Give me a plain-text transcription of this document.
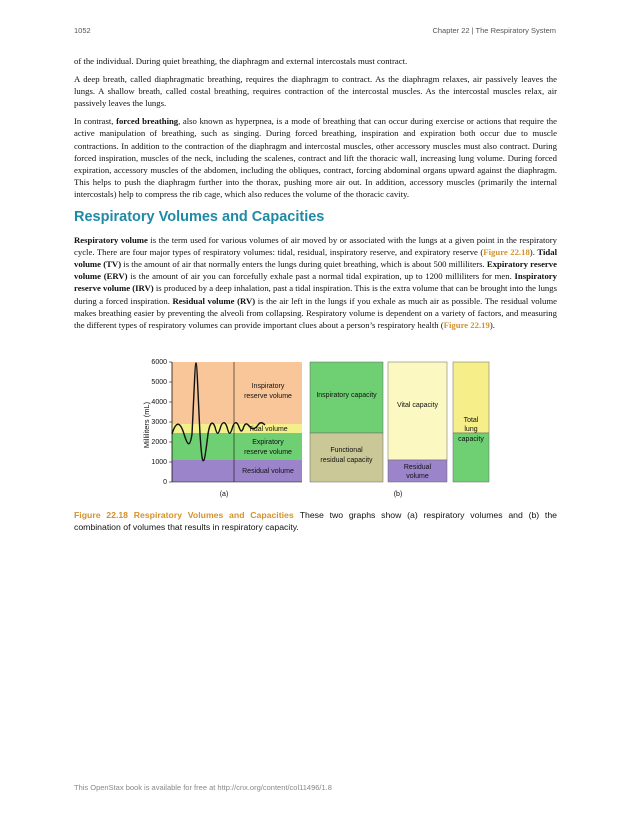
1052	Chapter 22 | The Respiratory System

of the individual. During quiet breathing, the diaphragm and external intercostals must contract.

A deep breath, called diaphragmatic breathing, requires the diaphragm to contract. As the diaphragm relaxes, air passively leaves the lungs. A shallow breath, called costal breathing, requires contraction of the intercostal muscles. As the intercostal muscles relax, air passively leaves the lungs.

In contrast, forced breathing, also known as hyperpnea, is a mode of breathing that can occur during exercise or actions that require the active manipulation of breathing, such as singing. During forced breathing, inspiration and expiration both occur due to muscle contractions. In addition to the contraction of the diaphragm and intercostal muscles, other accessory muscles must also contract. During forced inspiration, muscles of the neck, including the scalenes, contract and lift the thoracic wall, increasing lung volume. During forced expiration, accessory muscles of the abdomen, including the obliques, contract, forcing abdominal organs upward against the diaphragm. This helps to push the diaphragm further into the thorax, pushing more air out. In addition, accessory muscles (primarily the internal intercostals) help to compress the rib cage, which also reduces the volume of the thoracic cavity.

Respiratory Volumes and Capacities

Respiratory volume is the term used for various volumes of air moved by or associated with the lungs at a given point in the respiratory cycle. There are four major types of respiratory volumes: tidal, residual, inspiratory reserve, and expiratory reserve (Figure 22.18). Tidal volume (TV) is the amount of air that normally enters the lungs during quiet breathing, which is about 500 milliliters. Expiratory reserve volume (ERV) is the amount of air you can forcefully exhale past a normal tidal expiration, up to 1200 milliliters for men. Inspiratory reserve volume (IRV) is produced by a deep inhalation, past a tidal inspiration. This is the extra volume that can be brought into the lungs during a forced inspiration. Residual volume (RV) is the air left in the lungs if you exhale as much air as possible. The residual volume makes breathing easier by preventing the alveoli from collapsing. Respiratory volume is dependent on a variety of factors, and measuring the different types of respiratory volumes can provide important clues about a person’s respiratory health (Figure 22.19).

Milliliters (mL)
6000
5000
4000
3000
2000
1000
0
Inspiratory
reserve volume
Tidal volume
Expiratory
reserve volume
Residual volume
(a)
Inspiratory capacity
Functional
residual capacity
Vital capacity
Residual
volume
Total
lung
capacity
(b)
Figure 22.18 Respiratory Volumes and Capacities These two graphs show (a) respiratory volumes and (b) the combination of volumes that results in respiratory capacity.
This OpenStax book is available for free at http://cnx.org/content/col11496/1.8
